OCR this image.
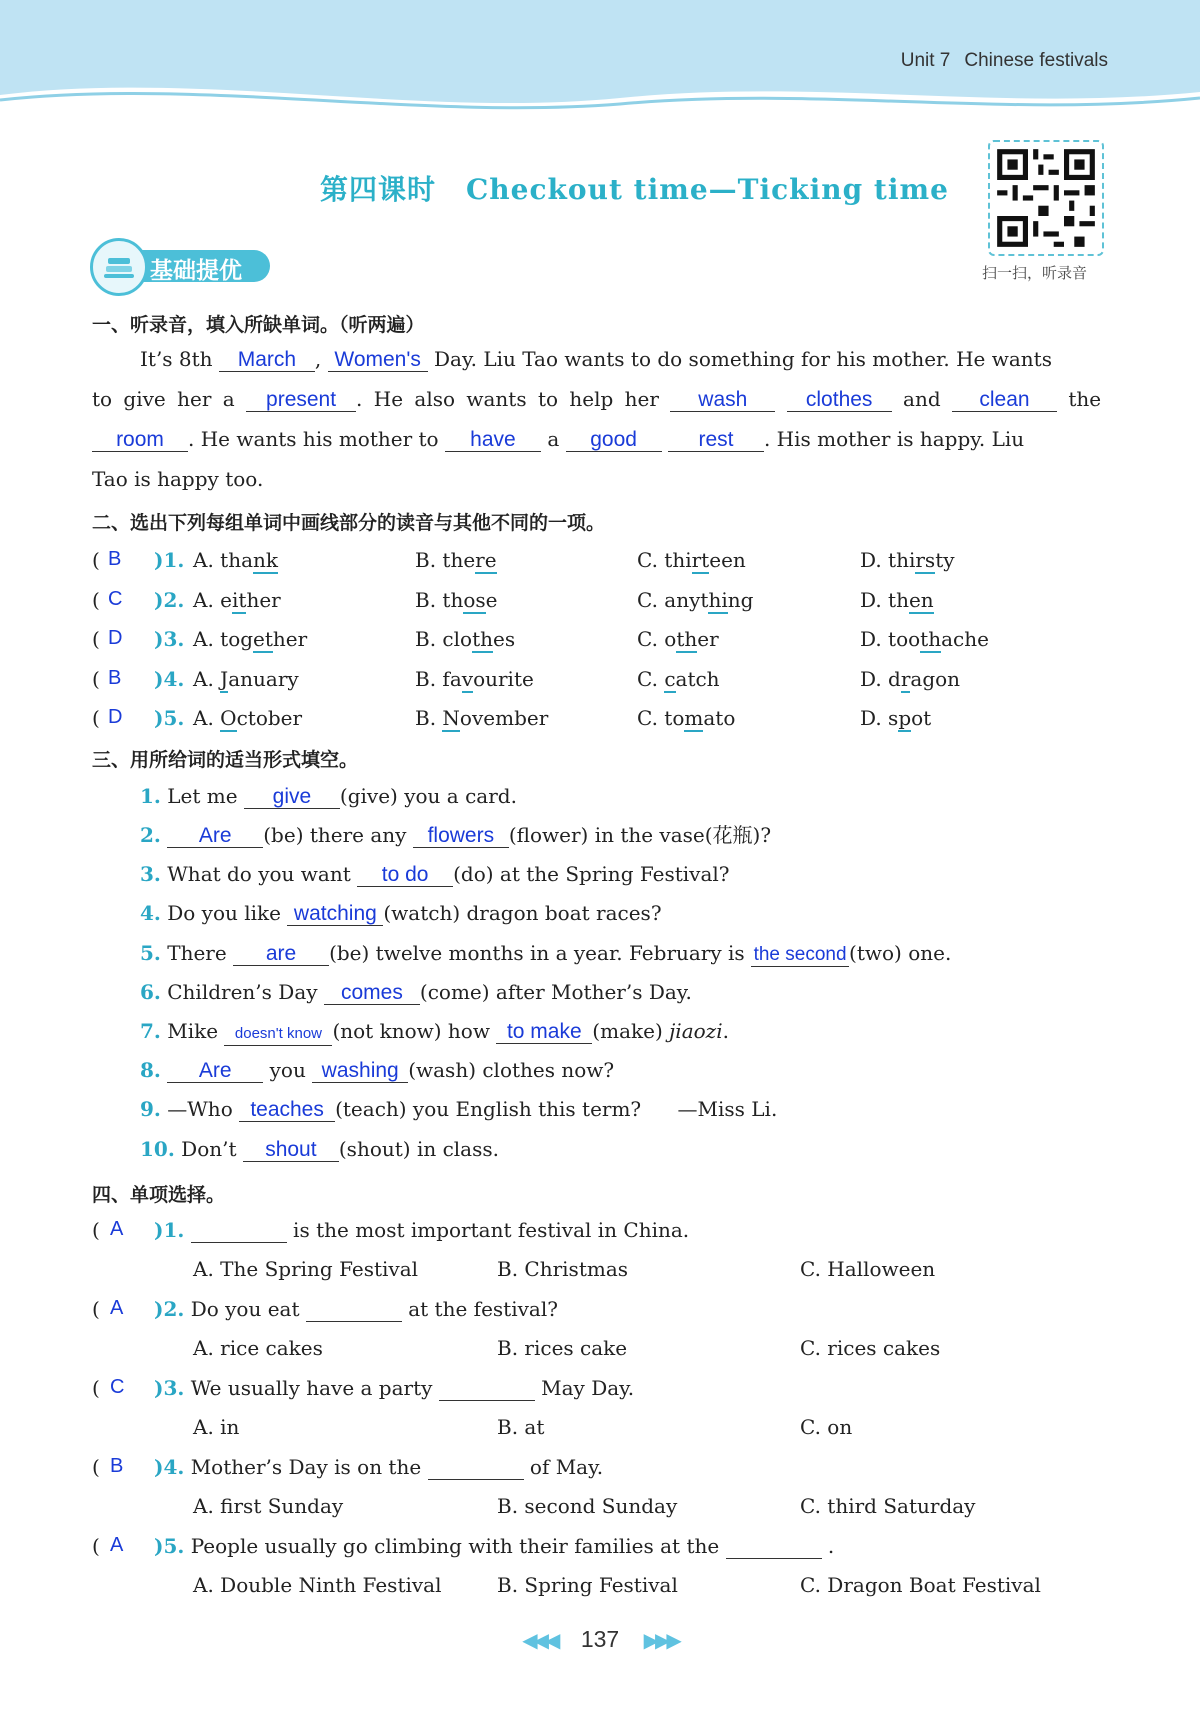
Unit 7 Chinese festivals
第四课时 Checkout time—Ticking time
扫一扫，听录音
基础提优
一、听录音，填入所缺单词。（听两遍）
It’s 8th March , Women's Day. Liu Tao wants to do something for his mother. He wants
to give her a present . He also wants to help her wash	clothes and clean the
room . He wants his mother to have a good	rest . His mother is happy. Liu
Tao is happy too.
二、选出下列每组单词中画线部分的读音与其他不同的一项。
( B )1. A. thank	B. there	C. thirteen	D. thirsty
( C )2. A. either	B. those	C. anything	D. then
( D )3. A. together	B. clothes	C. other	D. toothache
( B )4. A. January	B. favourite	C. catch	D. dragon
( D )5. A. October	B. November	C. tomato	D. spot
三、用所给词的适当形式填空。
1. Let me give (give) you a card.
2. Are (be) there any flowers (flower) in the vase(花瓶)?
3. What do you want to do (do) at the Spring Festival?
4. Do you like watching (watch) dragon boat races?
5. There are (be) twelve months in a year. February is the second (two) one.
6. Children’s Day comes (come) after Mother’s Day.
7. Mike doesn't know (not know) how to make (make) jiaozi.
8. Are you washing (wash) clothes now?
9. —Who teaches (teach) you English this term? —Miss Li.
10. Don’t shout (shout) in class.
四、单项选择。
( A )1.	is the most important festival in China.
A. The Spring Festival	B. Christmas	C. Halloween
( A )2. Do you eat	at the festival?
A. rice cakes	B. rices cake	C. rices cakes
( C )3. We usually have a party	May Day.
A. in	B. at	C. on
( B )4. Mother’s Day is on the	of May.
A. first Sunday	B. second Sunday	C. third Saturday
( A )5. People usually go climbing with their families at the	.
A. Double Ninth Festival	B. Spring Festival	C. Dragon Boat Festival
◀◀◀ 137 ▶▶▶
